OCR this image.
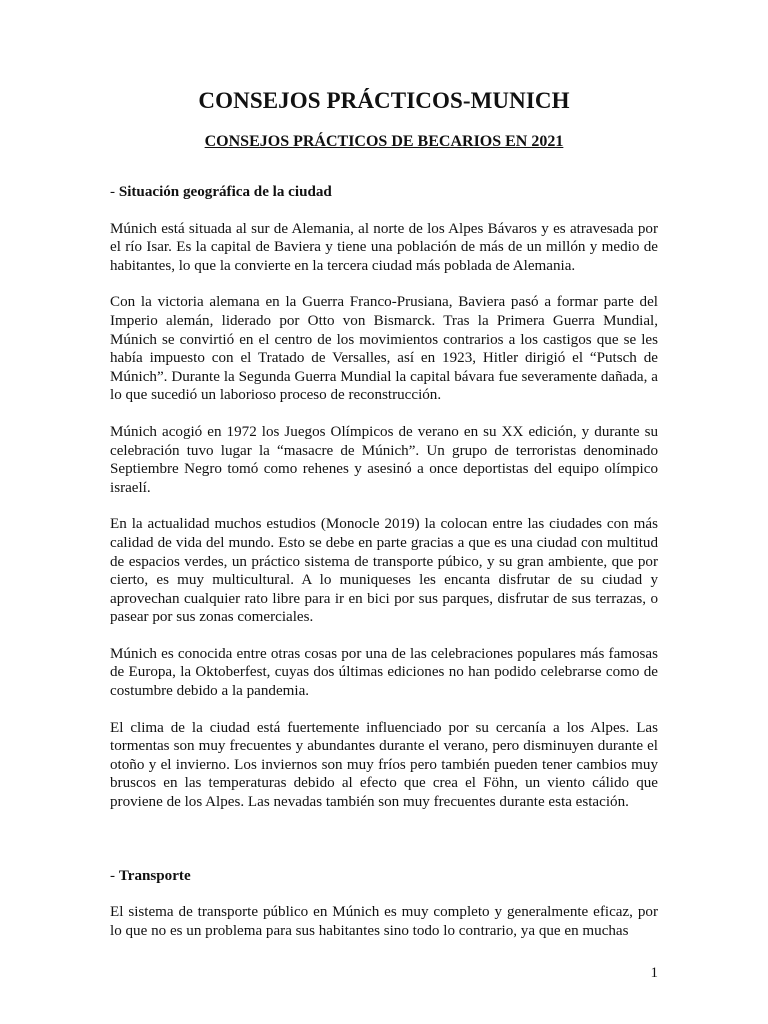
CONSEJOS PRÁCTICOS-MUNICH
CONSEJOS PRÁCTICOS DE BECARIOS EN 2021
- Situación geográfica de la ciudad

Múnich está situada al sur de Alemania, al norte de los Alpes Bávaros y es atravesada por el río Isar. Es la capital de Baviera y tiene una población de más de un millón y medio de habitantes, lo que la convierte en la tercera ciudad más poblada de Alemania.

Con la victoria alemana en la Guerra Franco-Prusiana, Baviera pasó a formar parte del Imperio alemán, liderado por Otto von Bismarck. Tras la Primera Guerra Mundial, Múnich se convirtió en el centro de los movimientos contrarios a los castigos que se les había impuesto con el Tratado de Versalles, así en 1923, Hitler dirigió el “Putsch de Múnich”. Durante la Segunda Guerra Mundial la capital bávara fue severamente dañada, a lo que sucedió un laborioso proceso de reconstrucción.

Múnich acogió en 1972 los Juegos Olímpicos de verano en su XX edición, y durante su celebración tuvo lugar la “masacre de Múnich”. Un grupo de terroristas denominado Septiembre Negro tomó como rehenes y asesinó a once deportistas del equipo olímpico israelí.

En la actualidad muchos estudios (Monocle 2019) la colocan entre las ciudades con más calidad de vida del mundo. Esto se debe en parte gracias a que es una ciudad con multitud de espacios verdes, un práctico sistema de transporte púbico, y su gran ambiente, que por cierto, es muy multicultural. A lo muniqueses les encanta disfrutar de su ciudad y aprovechan cualquier rato libre para ir en bici por sus parques, disfrutar de sus terrazas, o pasear por sus zonas comerciales.

Múnich es conocida entre otras cosas por una de las celebraciones populares más famosas de Europa, la Oktoberfest, cuyas dos últimas ediciones no han podido celebrarse como de costumbre debido a la pandemia.

El clima de la ciudad está fuertemente influenciado por su cercanía a los Alpes. Las tormentas son muy frecuentes y abundantes durante el verano, pero disminuyen durante el otoño y el invierno. Los inviernos son muy fríos pero también pueden tener cambios muy bruscos en las temperaturas debido al efecto que crea el Föhn, un viento cálido que proviene de los Alpes. Las nevadas también son muy frecuentes durante esta estación.

- Transporte

El sistema de transporte público en Múnich es muy completo y generalmente eficaz, por lo que no es un problema para sus habitantes sino todo lo contrario, ya que en muchas

1
